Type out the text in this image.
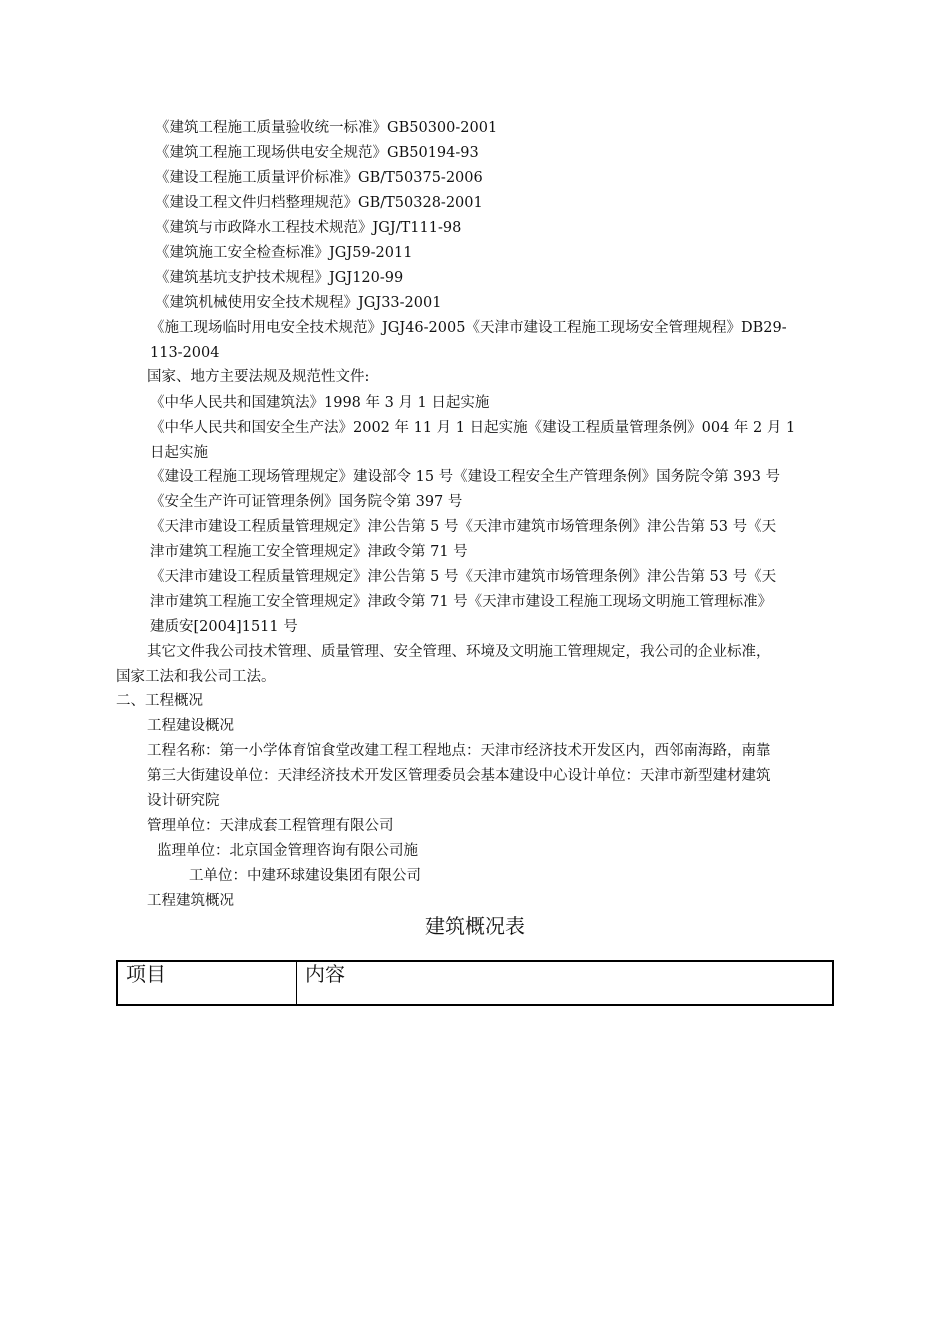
《建筑工程施工质量验收统一标准》GB50300-2001
《建筑工程施工现场供电安全规范》GB50194-93
《建设工程施工质量评价标准》GB/T50375-2006
《建设工程文件归档整理规范》GB/T50328-2001
《建筑与市政降水工程技术规范》JGJ/T111-98
《建筑施工安全检查标准》JGJ59-2011
《建筑基坑支护技术规程》JGJ120-99
《建筑机械使用安全技术规程》JGJ33-2001
《施工现场临时用电安全技术规范》JGJ46-2005《天津市建设工程施工现场安全管理规程》DB29-
113-2004
国家、地方主要法规及规范性文件:
《中华人民共和国建筑法》1998 年 3 月 1 日起实施
《中华人民共和国安全生产法》2002 年 11 月 1 日起实施《建设工程质量管理条例》004 年 2 月 1
日起实施
《建设工程施工现场管理规定》建设部令 15 号《建设工程安全生产管理条例》国务院令第 393 号
《安全生产许可证管理条例》国务院令第 397 号
《天津市建设工程质量管理规定》津公告第 5 号《天津市建筑市场管理条例》津公告第 53 号《天
津市建筑工程施工安全管理规定》津政令第 71 号
《天津市建设工程质量管理规定》津公告第 5 号《天津市建筑市场管理条例》津公告第 53 号《天
津市建筑工程施工安全管理规定》津政令第 71 号《天津市建设工程施工现场文明施工管理标准》
建质安[2004]1511 号
其它文件我公司技术管理、质量管理、安全管理、环境及文明施工管理规定，我公司的企业标准，
国家工法和我公司工法。
二、工程概况
工程建设概况
工程名称：第一小学体育馆食堂改建工程工程地点：天津市经济技术开发区内，西邻南海路，南靠
第三大街建设单位：天津经济技术开发区管理委员会基本建设中心设计单位：天津市新型建材建筑
设计研究院
管理单位：天津成套工程管理有限公司
监理单位：北京国金管理咨询有限公司施
工单位：中建环球建设集团有限公司
工程建筑概况
建筑概况表
项目	内容
